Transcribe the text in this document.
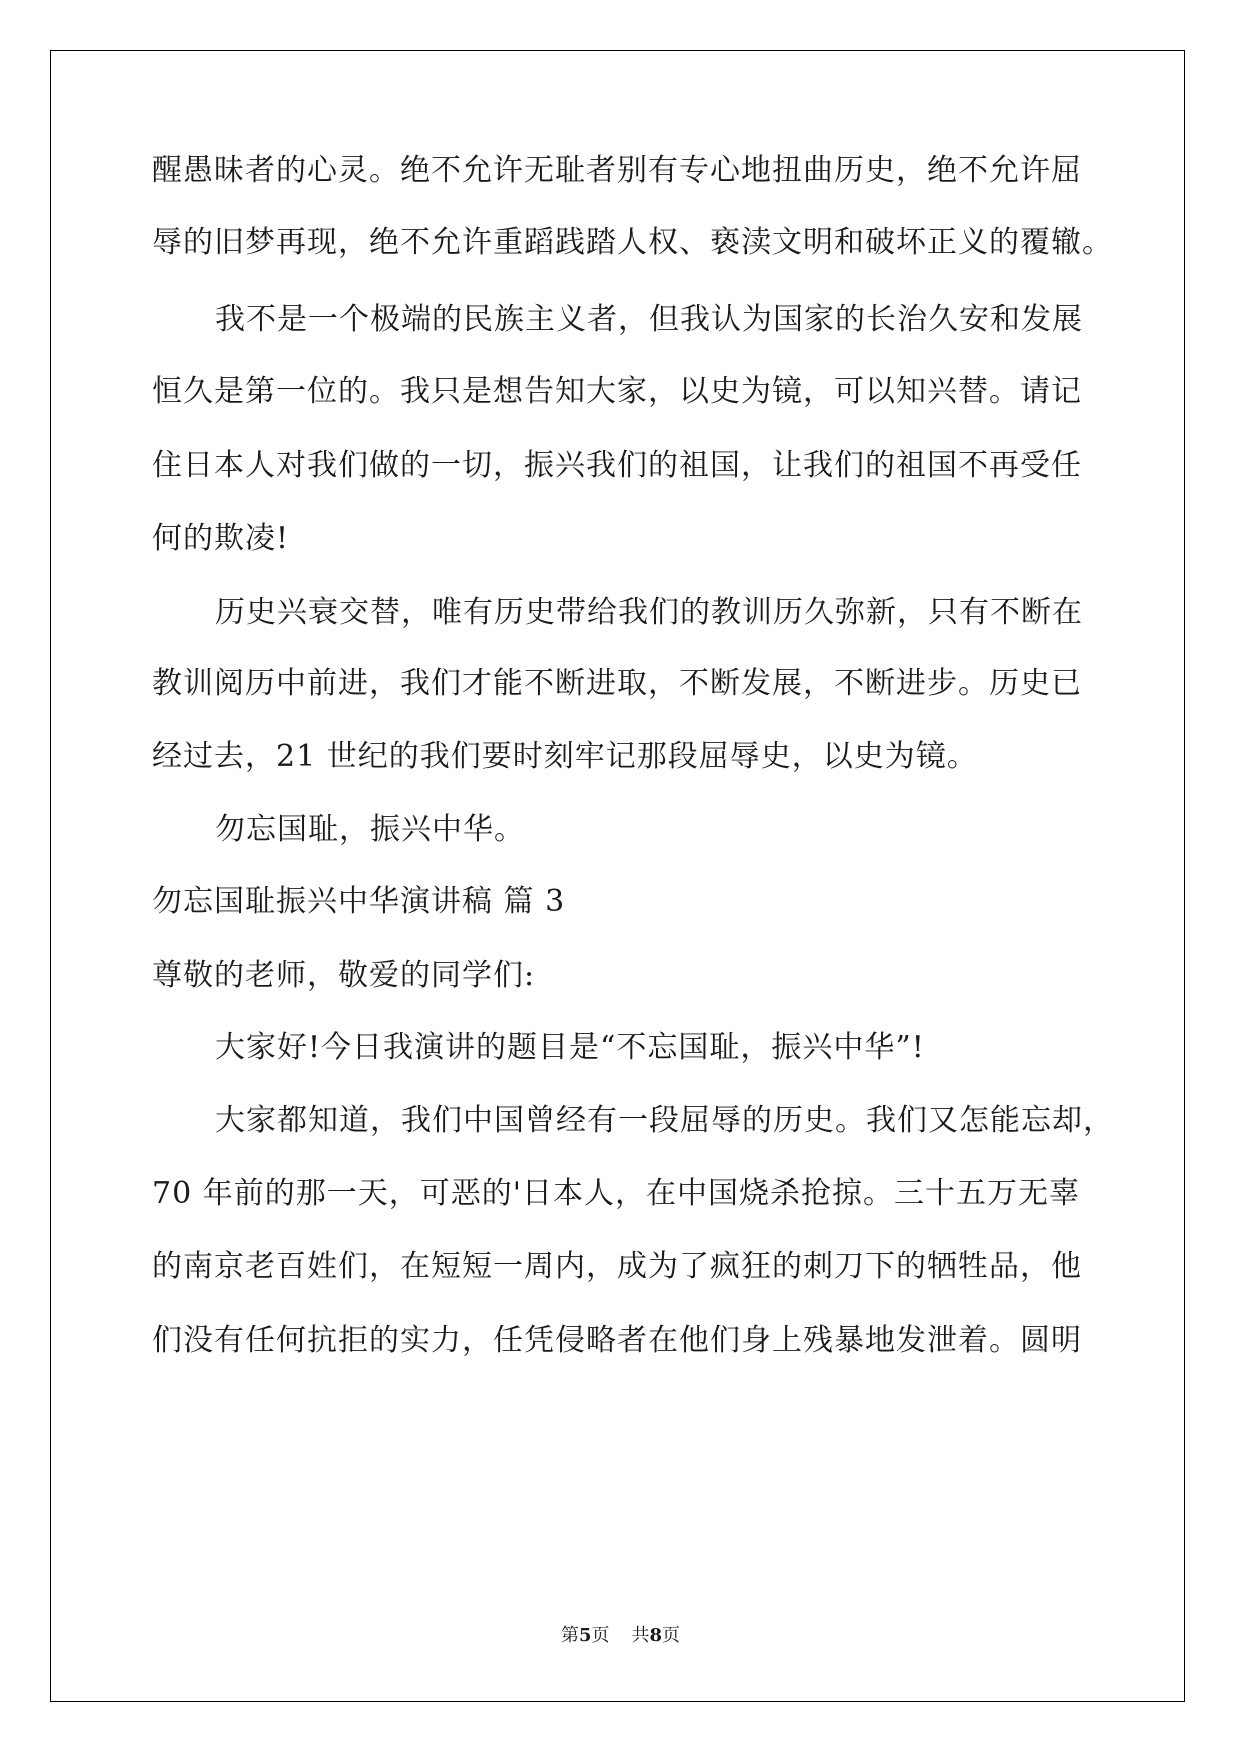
醒愚昧者的心灵。绝不允许无耻者别有专心地扭曲历史，绝不允许屈
辱的旧梦再现，绝不允许重蹈践踏人权、亵渎文明和破坏正义的覆辙。
我不是一个极端的民族主义者，但我认为国家的长治久安和发展
恒久是第一位的。我只是想告知大家，以史为镜，可以知兴替。请记
住日本人对我们做的一切，振兴我们的祖国，让我们的祖国不再受任
何的欺凌!
历史兴衰交替，唯有历史带给我们的教训历久弥新，只有不断在
教训阅历中前进，我们才能不断进取，不断发展，不断进步。历史已
经过去，21 世纪的我们要时刻牢记那段屈辱史，以史为镜。
勿忘国耻，振兴中华。
勿忘国耻振兴中华演讲稿 篇 3
尊敬的老师，敬爱的同学们:
大家好!今日我演讲的题目是“不忘国耻，振兴中华”!
大家都知道，我们中国曾经有一段屈辱的历史。我们又怎能忘却，
70 年前的那一天，可恶的'日本人，在中国烧杀抢掠。三十五万无辜
的南京老百姓们，在短短一周内，成为了疯狂的刺刀下的牺牲品，他
们没有任何抗拒的实力，任凭侵略者在他们身上残暴地发泄着。圆明
第5页 共8页
